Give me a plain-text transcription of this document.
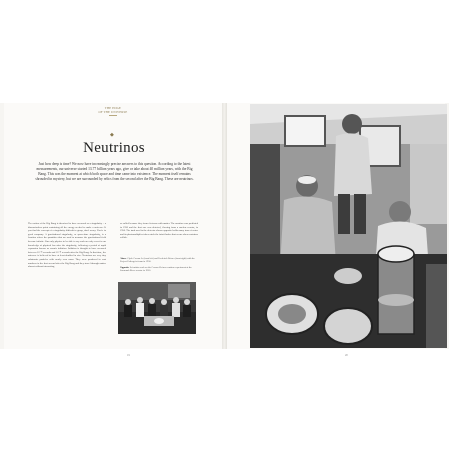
THE EDGE
OF THE UNIVERSE
◆
Neutrinos
Just how deep is time? We now have increasingly precise answers to this question. According to the latest measurements, our universe started 13.77 billion years ago, give or take about 40 million years, with the Big Bang. This was the moment at which both space and time came into existence. The moment itself remains shrouded in mystery, but we are surrounded by relics from the second after the Big Bang. These are neutrinos.
The notion of the Big Bang is theorized to have occurred as a singularity – a dimensionless point containing all the energy needed to make a universe. If you find the concept of a singularity difficult to grasp, don't worry. You're in good company. A gravitational singularity, or space-time singularity, is a location where the quantities that are used to measure the gravitational field become infinite. Our only physics to be able to say such an early event is our knowledge of physical law after the singularity, following a period of rapid expansion known as cosmic inflation. Inflation is thought to have occurred between 10⁻³⁶ seconds and 10⁻³² seconds after the Big Bang. In that time, the universe is believed to have at least doubled in size. Neutrinos are very tiny subatomic particles with nearly zero mass. They were produced in vast numbers in the first second after the Big Bang and they travel through matter almost without interacting.
so called because they form electrons with matter. The neutrino was predicted in 1930 and the first one was detected, flowing from a nuclear reactor, in 1956. The tank used in the detector shown opposite holds many tons of water and its photomultiplier tubes catch the faint flashes that occur when neutrinos collide.
Above Clyde Cowan Jr. (front left) and Frederick Reines (front right) with the Project Poltergeist team in 1956.
Opposite Scientists work on the Cowan–Reines neutrino experiment at the Savannah River reactor in 1956.
19	20
